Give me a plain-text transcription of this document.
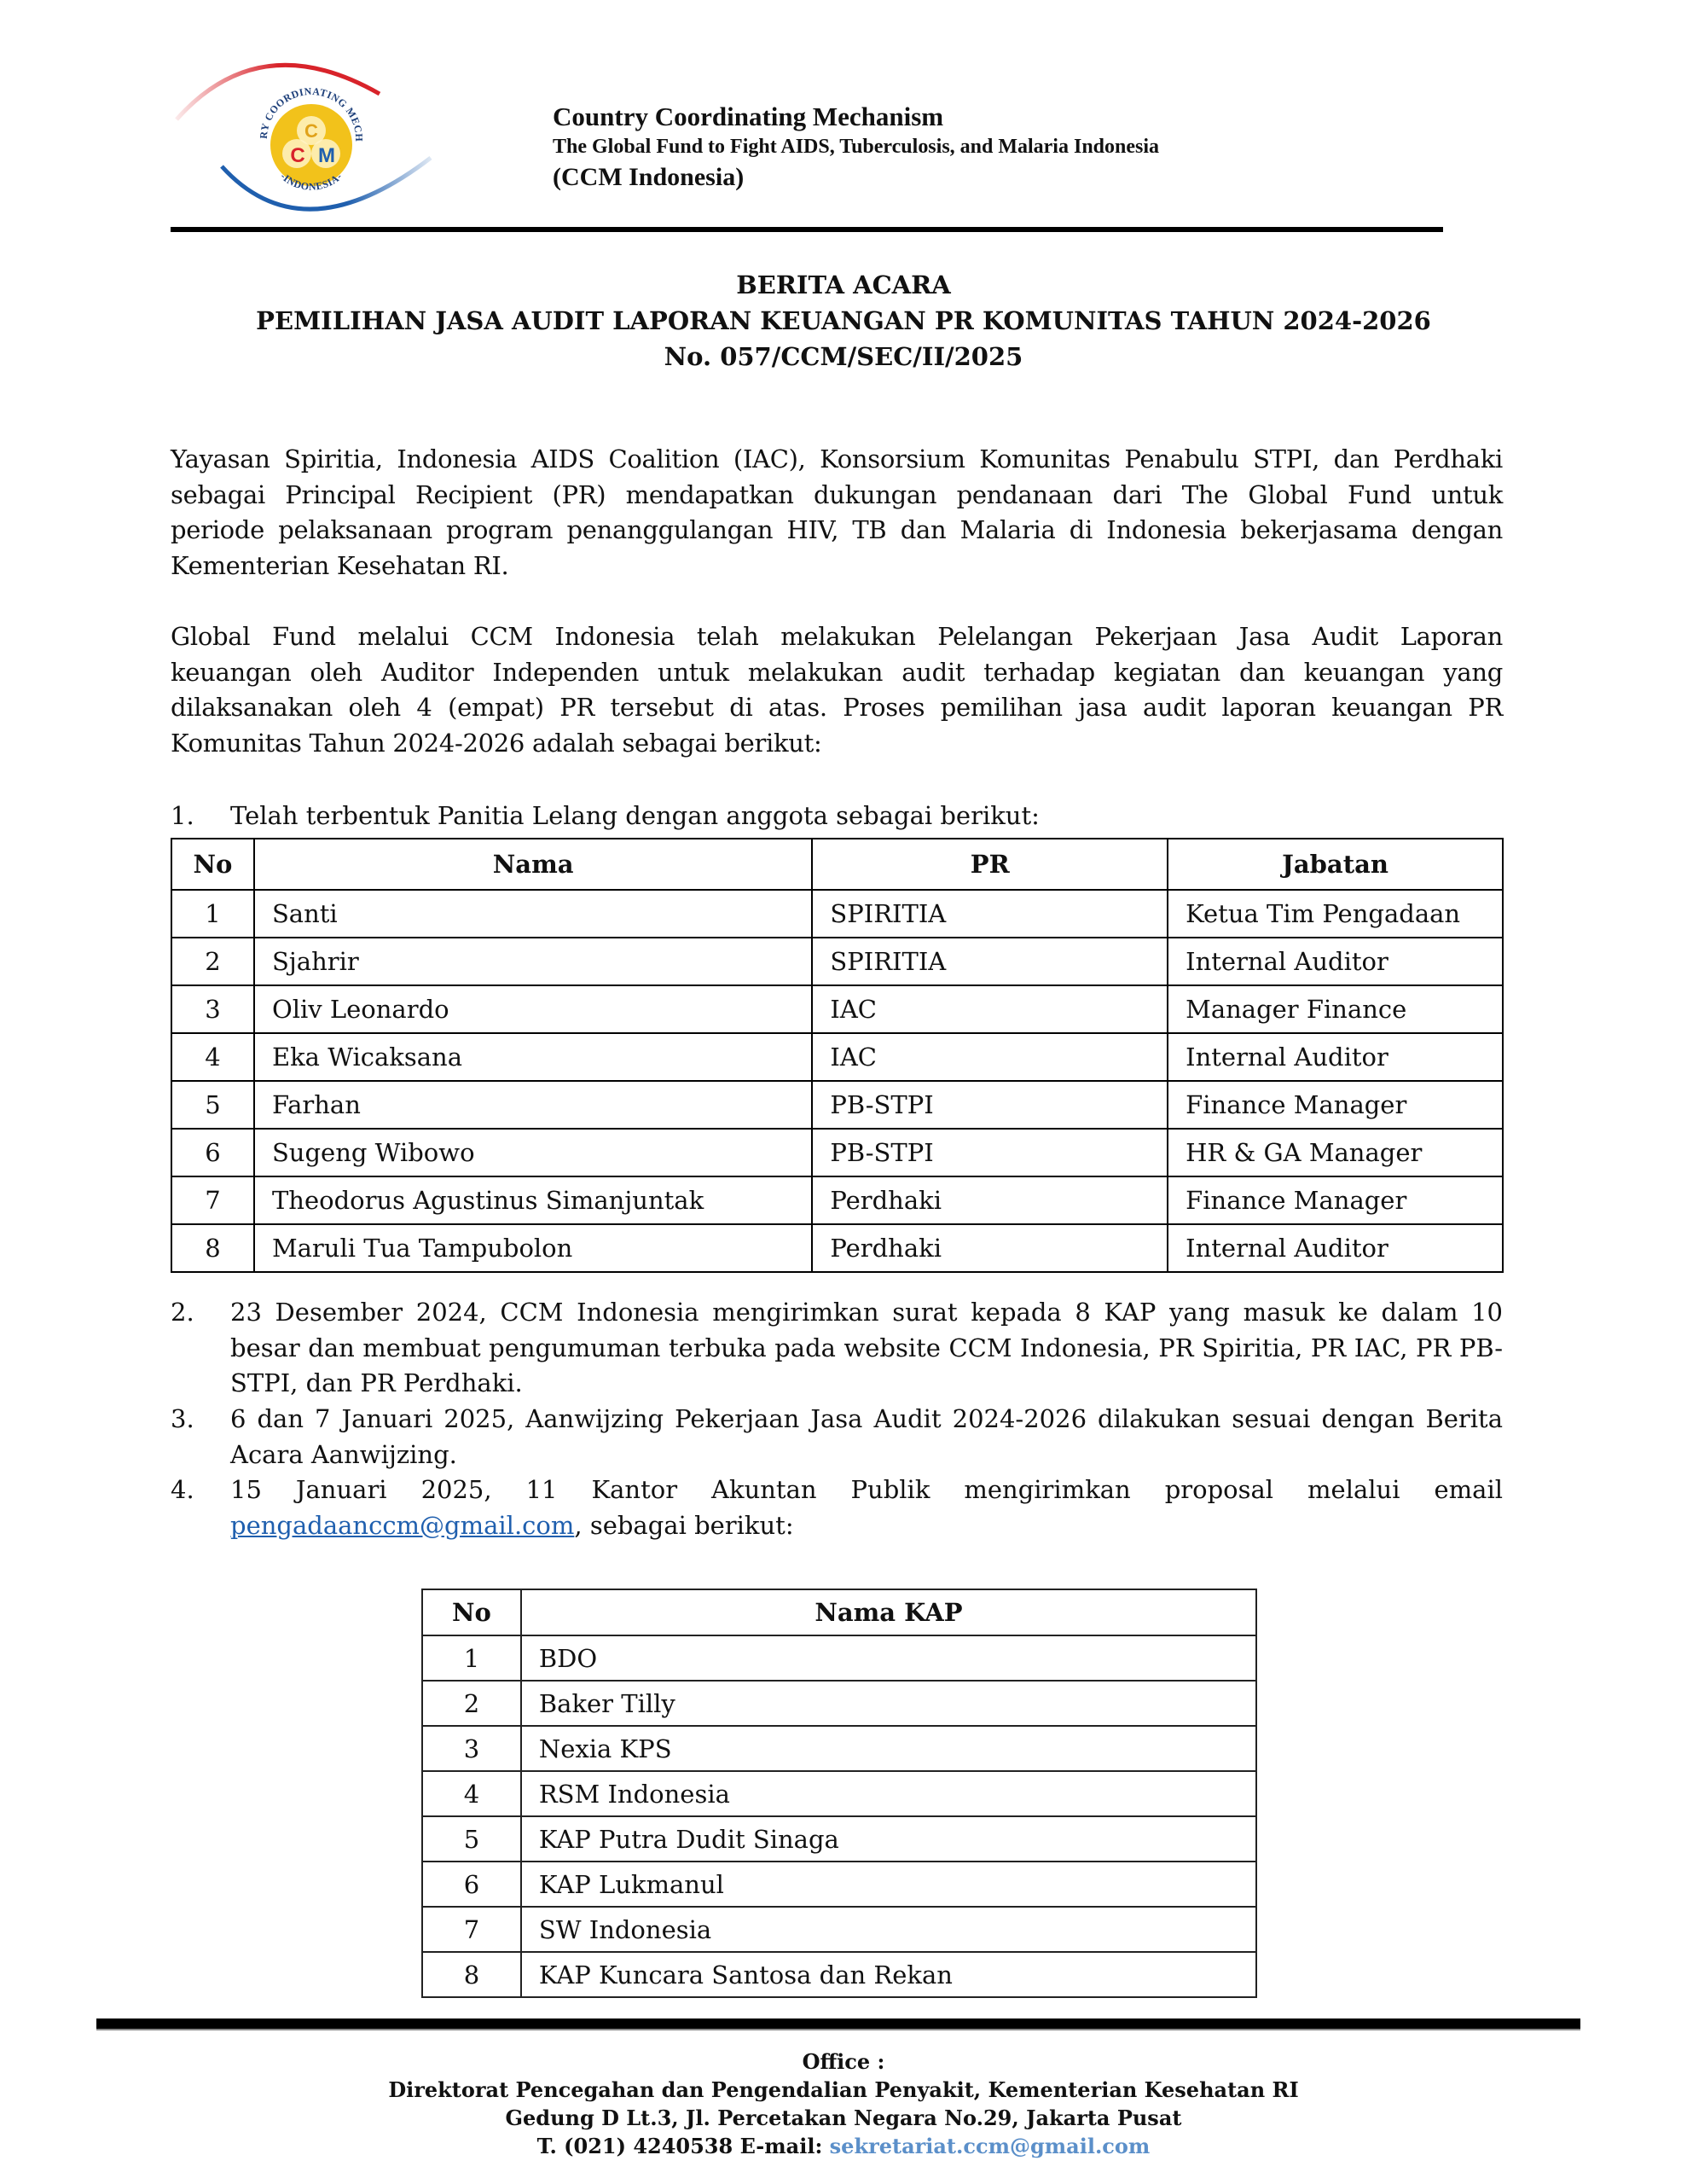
C
C M
RY COORDINATING MECH
-INDONESIA-
Country Coordinating Mechanism
The Global Fund to Fight AIDS, Tuberculosis, and Malaria Indonesia
(CCM Indonesia)
BERITA ACARA
PEMILIHAN JASA AUDIT LAPORAN KEUANGAN PR KOMUNITAS TAHUN 2024-2026
No. 057/CCM/SEC/II/2025
Yayasan Spiritia, Indonesia AIDS Coalition (IAC), Konsorsium Komunitas Penabulu STPI, dan Perdhaki
sebagai Principal Recipient (PR) mendapatkan dukungan pendanaan dari The Global Fund untuk
periode pelaksanaan program penanggulangan HIV, TB dan Malaria di Indonesia bekerjasama dengan
Kementerian Kesehatan RI.
Global Fund melalui CCM Indonesia telah melakukan Pelelangan Pekerjaan Jasa Audit Laporan
keuangan oleh Auditor Independen untuk melakukan audit terhadap kegiatan dan keuangan yang
dilaksanakan oleh 4 (empat) PR tersebut di atas. Proses pemilihan jasa audit laporan keuangan PR
Komunitas Tahun 2024-2026 adalah sebagai berikut:
1. Telah terbentuk Panitia Lelang dengan anggota sebagai berikut:
No	Nama	PR	Jabatan
1	Santi	SPIRITIA	Ketua Tim Pengadaan
2	Sjahrir	SPIRITIA	Internal Auditor
3	Oliv Leonardo	IAC	Manager Finance
4	Eka Wicaksana	IAC	Internal Auditor
5	Farhan	PB-STPI	Finance Manager
6	Sugeng Wibowo	PB-STPI	HR & GA Manager
7	Theodorus Agustinus Simanjuntak	Perdhaki	Finance Manager
8	Maruli Tua Tampubolon	Perdhaki	Internal Auditor
2. 23 Desember 2024, CCM Indonesia mengirimkan surat kepada 8 KAP yang masuk ke dalam 10
besar dan membuat pengumuman terbuka pada website CCM Indonesia, PR Spiritia, PR IAC, PR PB-
STPI, dan PR Perdhaki.
3. 6 dan 7 Januari 2025, Aanwijzing Pekerjaan Jasa Audit 2024-2026 dilakukan sesuai dengan Berita
Acara Aanwijzing.
4. 15 Januari 2025, 11 Kantor Akuntan Publik mengirimkan proposal melalui email
pengadaanccm@gmail.com, sebagai berikut:
No	Nama KAP
1	BDO
2	Baker Tilly
3	Nexia KPS
4	RSM Indonesia
5	KAP Putra Dudit Sinaga
6	KAP Lukmanul
7	SW Indonesia
8	KAP Kuncara Santosa dan Rekan
Office :
Direktorat Pencegahan dan Pengendalian Penyakit, Kementerian Kesehatan RI
Gedung D Lt.3, Jl. Percetakan Negara No.29, Jakarta Pusat
T. (021) 4240538 E-mail: sekretariat.ccm@gmail.com
